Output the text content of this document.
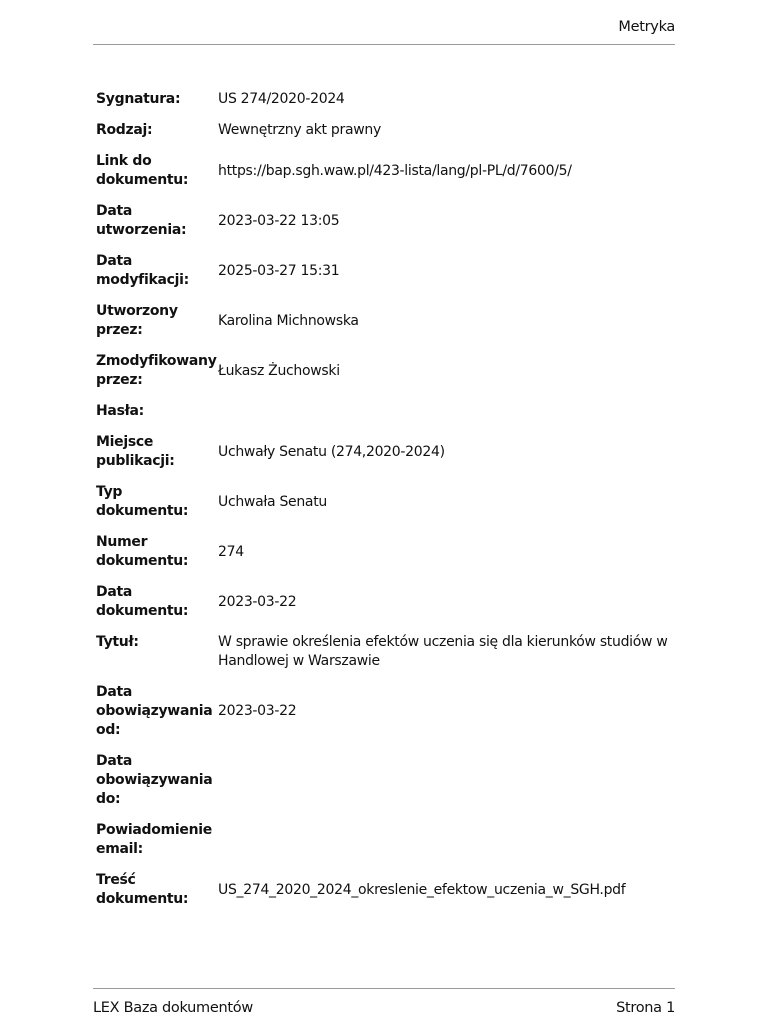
Metryka
Sygnatura:	US 274/2020-2024
Rodzaj:	Wewnętrzny akt prawny
Link do
dokumentu:
https://bap.sgh.waw.pl/423-lista/lang/pl-PL/d/7600/5/
Data
utworzenia:
2023-03-22 13:05
Data
modyfikacji:
2025-03-27 15:31
Utworzony
przez:
Karolina Michnowska
Zmodyfikowany
przez:
Łukasz Żuchowski
Hasła:
Miejsce
publikacji:
Uchwały Senatu (274,2020-2024)
Typ
dokumentu:
Uchwała Senatu
Numer
dokumentu:
274
Data
dokumentu:
2023-03-22
Tytuł:	W sprawie określenia efektów uczenia się dla kierunków studiów w
Handlowej w Warszawie
Data
obowiązywania
od:
2023-03-22
Data
obowiązywania
do:
Powiadomienie
email:
Treść
dokumentu:
US_274_2020_2024_okreslenie_efektow_uczenia_w_SGH.pdf
LEX Baza dokumentów	Strona 1
